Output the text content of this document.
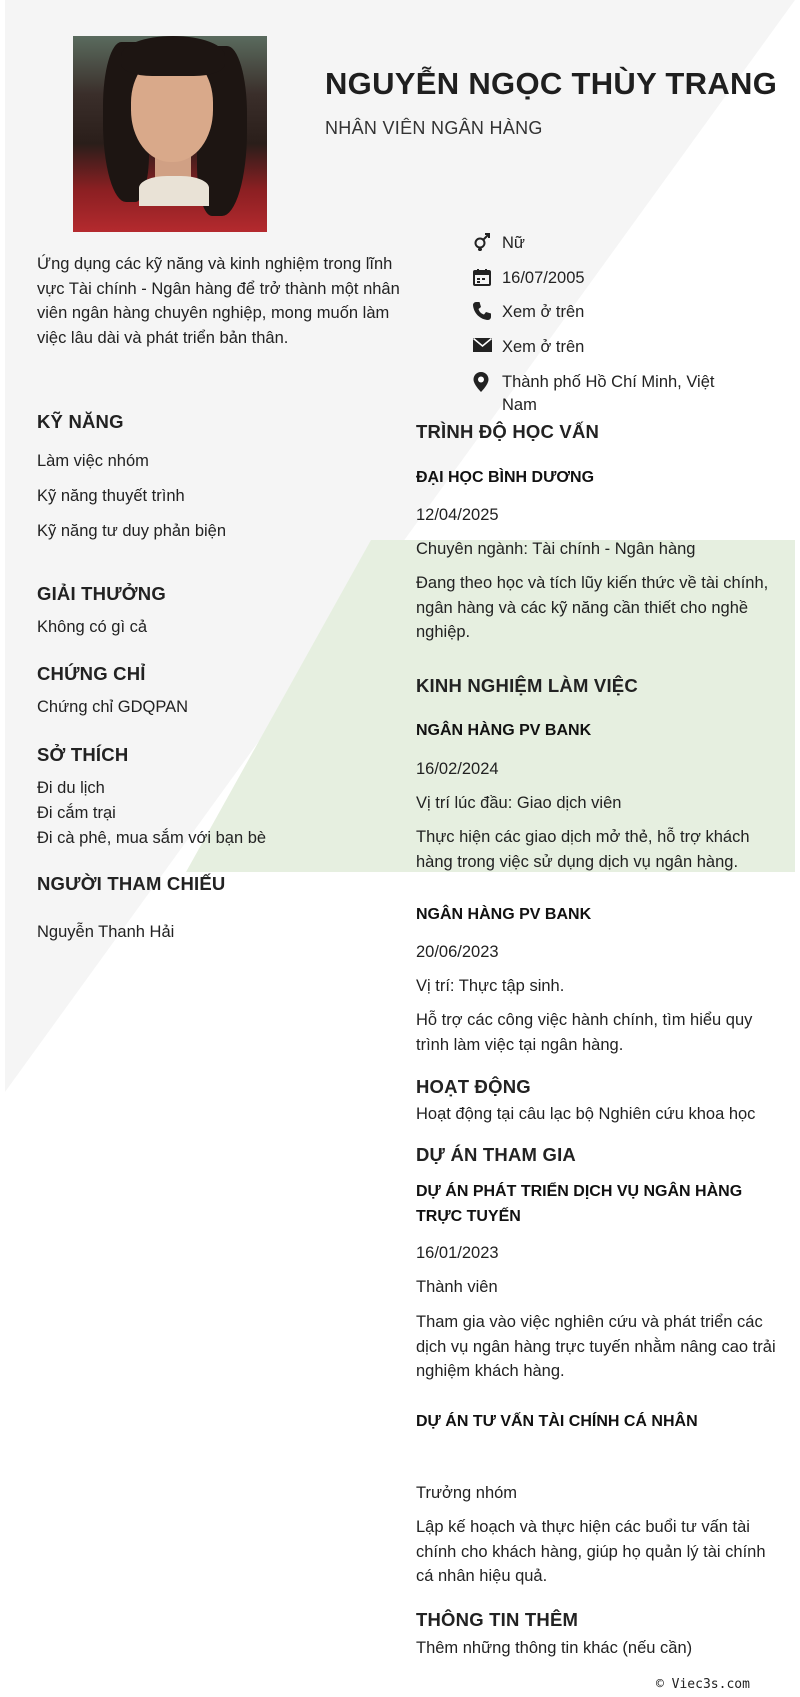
NGUYỄN NGỌC THÙY TRANG
NHÂN VIÊN NGÂN HÀNG
Ứng dụng các kỹ năng và kinh nghiệm trong lĩnh vực Tài chính - Ngân hàng để trở thành một nhân viên ngân hàng chuyên nghiệp, mong muốn làm việc lâu dài và phát triển bản thân.
Nữ
16/07/2005
Xem ở trên
Xem ở trên
Thành phố Hồ Chí Minh, Việt Nam
KỸ NĂNG
Làm việc nhóm
Kỹ năng thuyết trình
Kỹ năng tư duy phản biện
GIẢI THƯỞNG
Không có gì cả
CHỨNG CHỈ
Chứng chỉ GDQPAN
SỞ THÍCH
Đi du lịch
Đi cắm trại
Đi cà phê, mua sắm với bạn bè
NGƯỜI THAM CHIẾU
Nguyễn Thanh Hải
TRÌNH ĐỘ HỌC VẤN
ĐẠI HỌC BÌNH DƯƠNG
12/04/2025
Chuyên ngành: Tài chính - Ngân hàng
Đang theo học và tích lũy kiến thức về tài chính, ngân hàng và các kỹ năng cần thiết cho nghề nghiệp.
KINH NGHIỆM LÀM VIỆC
NGÂN HÀNG PV BANK
16/02/2024
Vị trí lúc đầu: Giao dịch viên
Thực hiện các giao dịch mở thẻ, hỗ trợ khách hàng trong việc sử dụng dịch vụ ngân hàng.
NGÂN HÀNG PV BANK
20/06/2023
Vị trí: Thực tập sinh.
Hỗ trợ các công việc hành chính, tìm hiểu quy trình làm việc tại ngân hàng.
HOẠT ĐỘNG
Hoạt động tại câu lạc bộ Nghiên cứu khoa học
DỰ ÁN THAM GIA
DỰ ÁN PHÁT TRIỂN DỊCH VỤ NGÂN HÀNG TRỰC TUYẾN
16/01/2023
Thành viên
Tham gia vào việc nghiên cứu và phát triển các dịch vụ ngân hàng trực tuyến nhằm nâng cao trải nghiệm khách hàng.
DỰ ÁN TƯ VẤN TÀI CHÍNH CÁ NHÂN
Trưởng nhóm
Lập kế hoạch và thực hiện các buổi tư vấn tài chính cho khách hàng, giúp họ quản lý tài chính cá nhân hiệu quả.
THÔNG TIN THÊM
Thêm những thông tin khác (nếu cần)
© Viec3s.com
